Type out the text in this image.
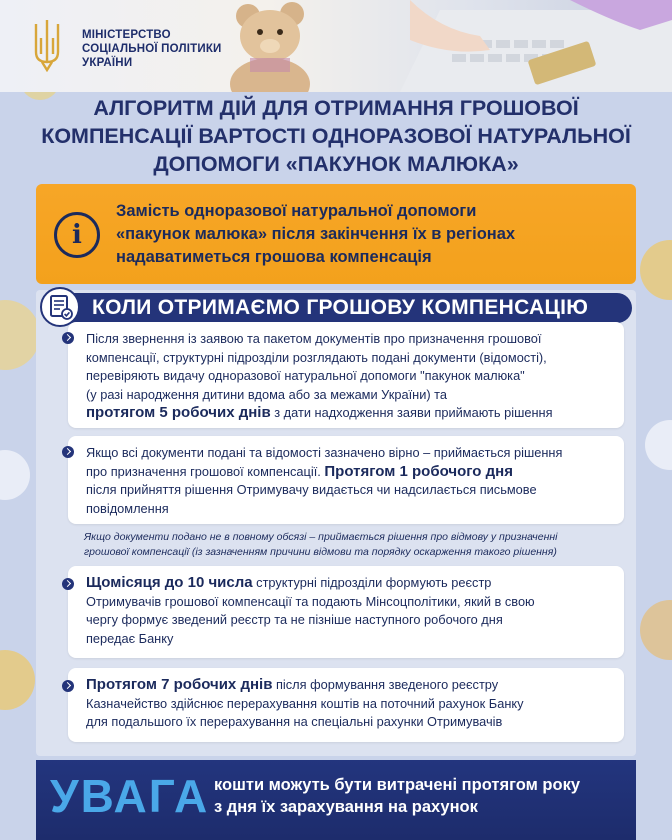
МІНІСТЕРСТВО
СОЦІАЛЬНОЇ ПОЛІТИКИ
УКРАЇНИ
АЛГОРИТМ ДІЙ ДЛЯ ОТРИМАННЯ ГРОШОВОЇ
КОМПЕНСАЦІЇ ВАРТОСТІ ОДНОРАЗОВОЇ НАТУРАЛЬНОЇ
ДОПОМОГИ «ПАКУНОК МАЛЮКА»
i
Замість одноразової натуральної допомоги
«пакунок малюка» після закінчення їх в регіонах
надаватиметься грошова компенсація
КОЛИ ОТРИМАЄМО ГРОШОВУ КОМПЕНСАЦІЮ
Після звернення із заявою та пакетом документів про призначення грошової
компенсації, структурні підрозділи розглядають подані документи (відомості),
перевіряють видачу одноразової натуральної допомоги "пакунок малюка"
(у разі народження дитини вдома або за межами України) та
протягом 5 робочих днів з дати надходження заяви приймають рішення
Якщо всі документи подані та відомості зазначено вірно – приймається рішення
про призначення грошової компенсації. Протягом 1 робочого дня
після прийняття рішення Отримувачу видається чи надсилається письмове
повідомлення
Якщо документи подано не в повному обсязі – приймається рішення про відмову у призначенні
грошової компенсації (із зазначенням причини відмови та порядку оскарження такого рішення)
Щомісяця до 10 числа структурні підрозділи формують реєстр
Отримувачів грошової компенсації та подають Мінсоцполітики, який в свою
чергу формує зведений реєстр та не пізніше наступного робочого дня
передає Банку
Протягом 7 робочих днів після формування зведеного реєстру
Казначейство здійснює перерахування коштів на поточний рахунок Банку
для подальшого їх перерахування на спеціальні рахунки Отримувачів
УВАГА кошти можуть бути витрачені протягом року
з дня їх зарахування на рахунок
